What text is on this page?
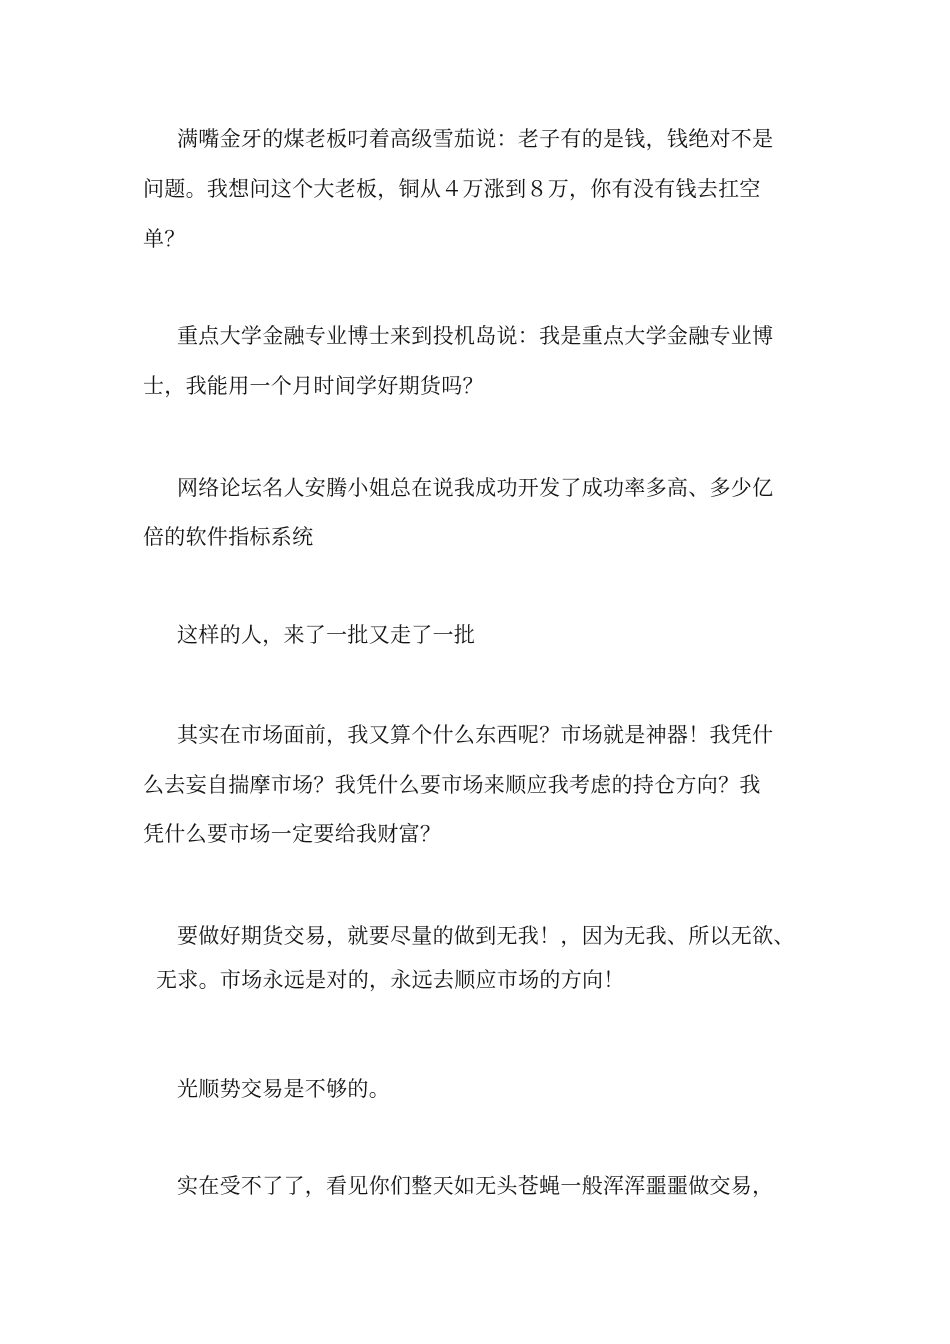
满嘴金牙的煤老板叼着高级雪茄说：老子有的是钱，钱绝对不是
问题。我想问这个大老板，铜从４万涨到８万，你有没有钱去扛空
单？
重点大学金融专业博士来到投机岛说：我是重点大学金融专业博
士，我能用一个月时间学好期货吗？
网络论坛名人安腾小姐总在说我成功开发了成功率多高、多少亿
倍的软件指标系统
这样的人，来了一批又走了一批
其实在市场面前，我又算个什么东西呢？市场就是神器！我凭什
么去妄自揣摩市场？我凭什么要市场来顺应我考虑的持仓方向？我
凭什么要市场一定要给我财富？
要做好期货交易，就要尽量的做到无我！，因为无我、所以无欲、
无求。市场永远是对的，永远去顺应市场的方向！
光顺势交易是不够的。
实在受不了了，看见你们整天如无头苍蝇一般浑浑噩噩做交易，
